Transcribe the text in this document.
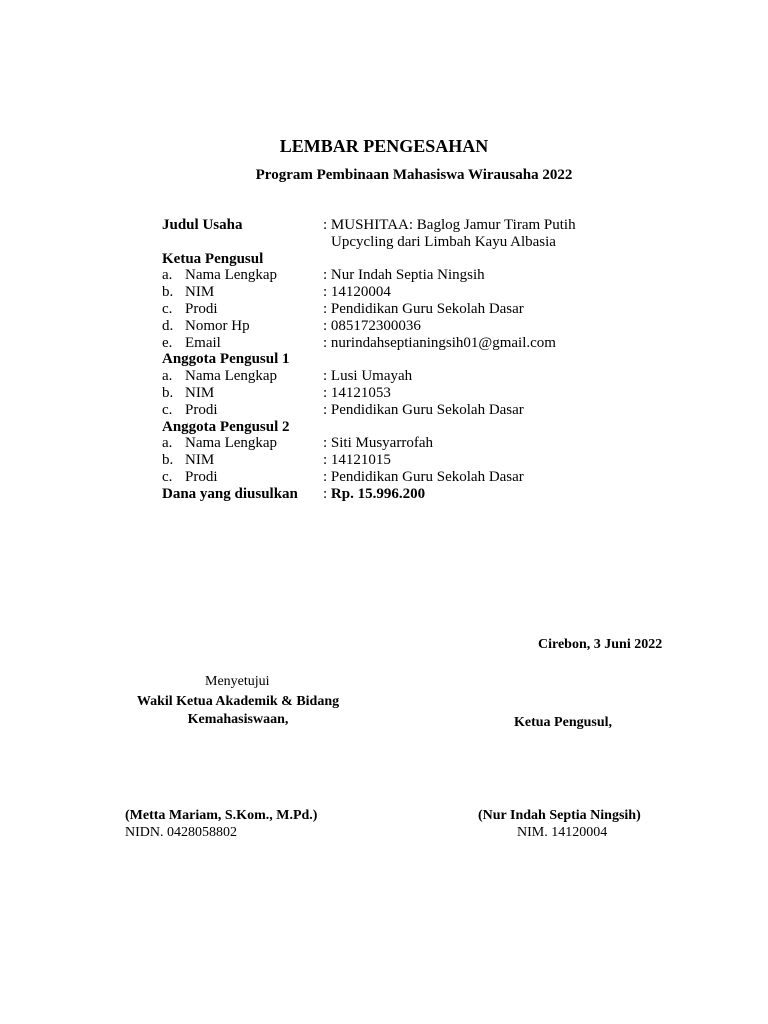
LEMBAR PENGESAHAN
Program Pembinaan Mahasiswa Wirausaha 2022
Judul Usaha	: MUSHITAA: Baglog Jamur Tiram Putih
Upcycling dari Limbah Kayu Albasia
Ketua Pengusul
a. Nama Lengkap	: Nur Indah Septia Ningsih
b. NIM	: 14120004
c. Prodi	: Pendidikan Guru Sekolah Dasar
d. Nomor Hp	: 085172300036
e. Email	: nurindahseptianingsih01@gmail.com
Anggota Pengusul 1
a. Nama Lengkap	: Lusi Umayah
b. NIM	: 14121053
c. Prodi	: Pendidikan Guru Sekolah Dasar
Anggota Pengusul 2
a. Nama Lengkap	: Siti Musyarrofah
b. NIM	: 14121015
c. Prodi	: Pendidikan Guru Sekolah Dasar
Dana yang diusulkan : Rp. 15.996.200
Cirebon, 3 Juni 2022
Menyetujui
Wakil Ketua Akademik & Bidang
Kemahasiswaan,	Ketua Pengusul,
(Metta Mariam, S.Kom., M.Pd.)
NIDN. 0428058802
(Nur Indah Septia Ningsih)
NIM. 14120004
